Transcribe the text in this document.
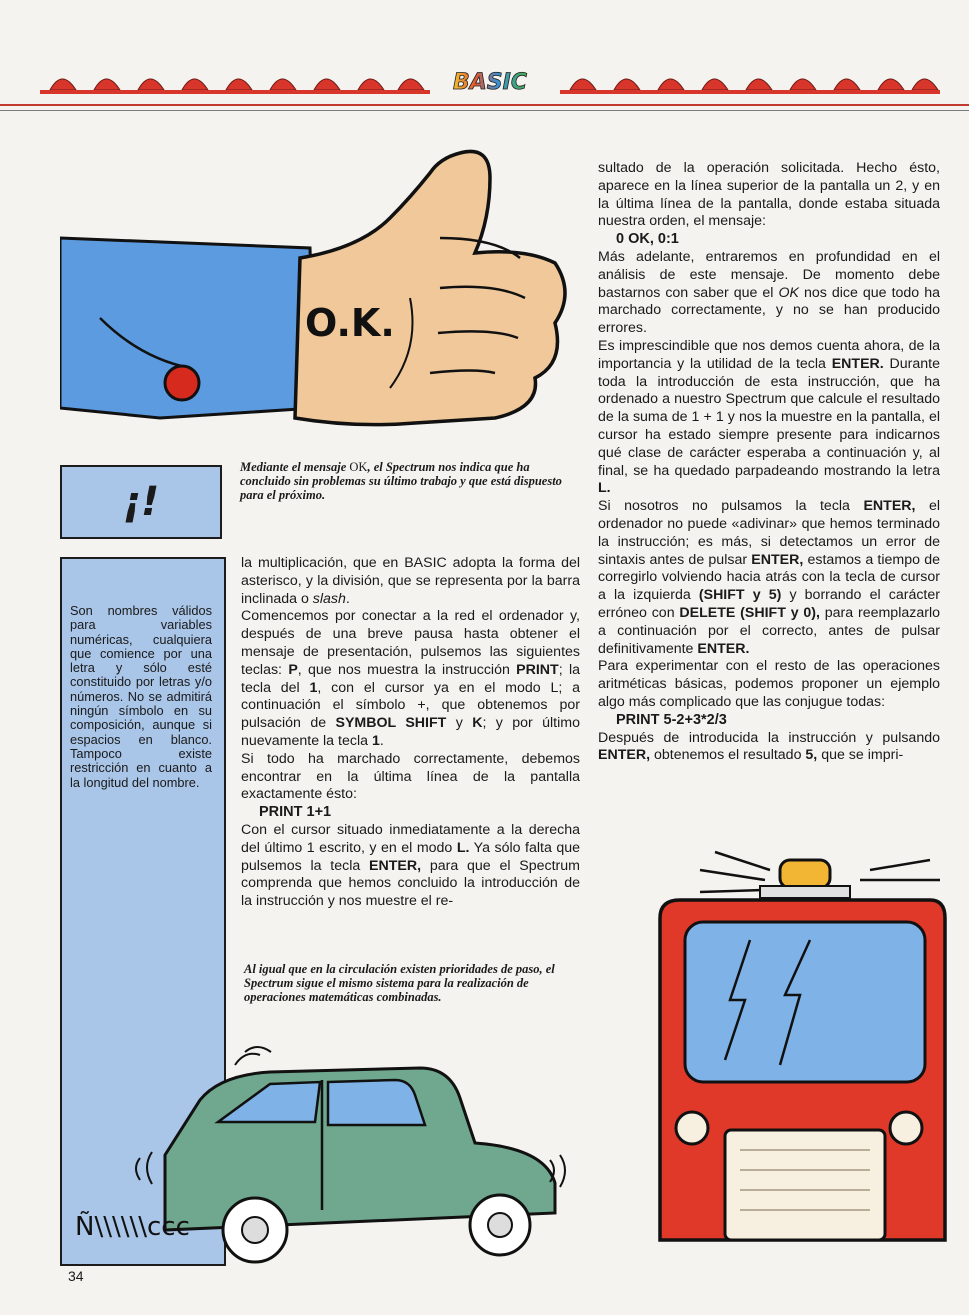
BASIC
O.K.
Mediante el mensaje OK, el Spectrum nos indica que ha concluido sin problemas su último trabajo y que está dispuesto para el próximo.
¡!
Son nombres válidos para variables numéricas, cualquiera que comience por una letra y sólo esté constituido por letras y/o números. No se admitirá ningún símbolo en su composición, aunque si espacios en blanco. Tampoco existe restricción en cuanto a la longitud del nombre.

la multiplicación, que en BASIC adopta la forma del asterisco, y la división, que se representa por la barra inclinada o slash.

Comencemos por conectar a la red el ordenador y, después de una breve pausa hasta obtener el mensaje de presentación, pulsemos las siguientes teclas: P, que nos muestra la instrucción PRINT; la tecla del 1, con el cursor ya en el modo L; a continuación el símbolo +, que obtenemos por pulsación de SYMBOL SHIFT y K; y por último nuevamente la tecla 1.

Si todo ha marchado correctamente, debemos encontrar en la última línea de la pantalla exactamente ésto:

PRINT 1+1

Con el cursor situado inmediatamente a la derecha del último 1 escrito, y en el modo L. Ya sólo falta que pulsemos la tecla ENTER, para que el Spectrum comprenda que hemos concluido la introducción de la instrucción y nos muestre el re-

Al igual que en la circulación existen prioridades de paso, el Spectrum sigue el mismo sistema para la realización de operaciones matemáticas combinadas.

sultado de la operación solicitada. Hecho ésto, aparece en la línea superior de la pantalla un 2, y en la última línea de la pantalla, donde estaba situada nuestra orden, el mensaje:

0 OK, 0:1

Más adelante, entraremos en profundidad en el análisis de este mensaje. De momento debe bastarnos con saber que el OK nos dice que todo ha marchado correctamente, y no se han producido errores.

Es imprescindible que nos demos cuenta ahora, de la importancia y la utilidad de la tecla ENTER. Durante toda la introducción de esta instrucción, que ha ordenado a nuestro Spectrum que calcule el resultado de la suma de 1 + 1 y nos la muestre en la pantalla, el cursor ha estado siempre presente para indicarnos qué clase de carácter esperaba a continuación y, al final, se ha quedado parpadeando mostrando la letra L.

Si nosotros no pulsamos la tecla ENTER, el ordenador no puede «adivinar» que hemos terminado la instrucción; es más, si detectamos un error de sintaxis antes de pulsar ENTER, estamos a tiempo de corregirlo volviendo hacia atrás con la tecla de cursor a la izquierda (SHIFT y 5) y borrando el carácter erróneo con DELETE (SHIFT y 0), para reemplazarlo a continuación por el correcto, antes de pulsar definitivamente ENTER.

Para experimentar con el resto de las operaciones aritméticas básicas, podemos proponer un ejemplo algo más complicado que las conjugue todas:

PRINT 5-2+3*2/3

Después de introducida la instrucción y pulsando ENTER, obtenemos el resultado 5, que se impri-

Ñ\\\\\\ccc
34
